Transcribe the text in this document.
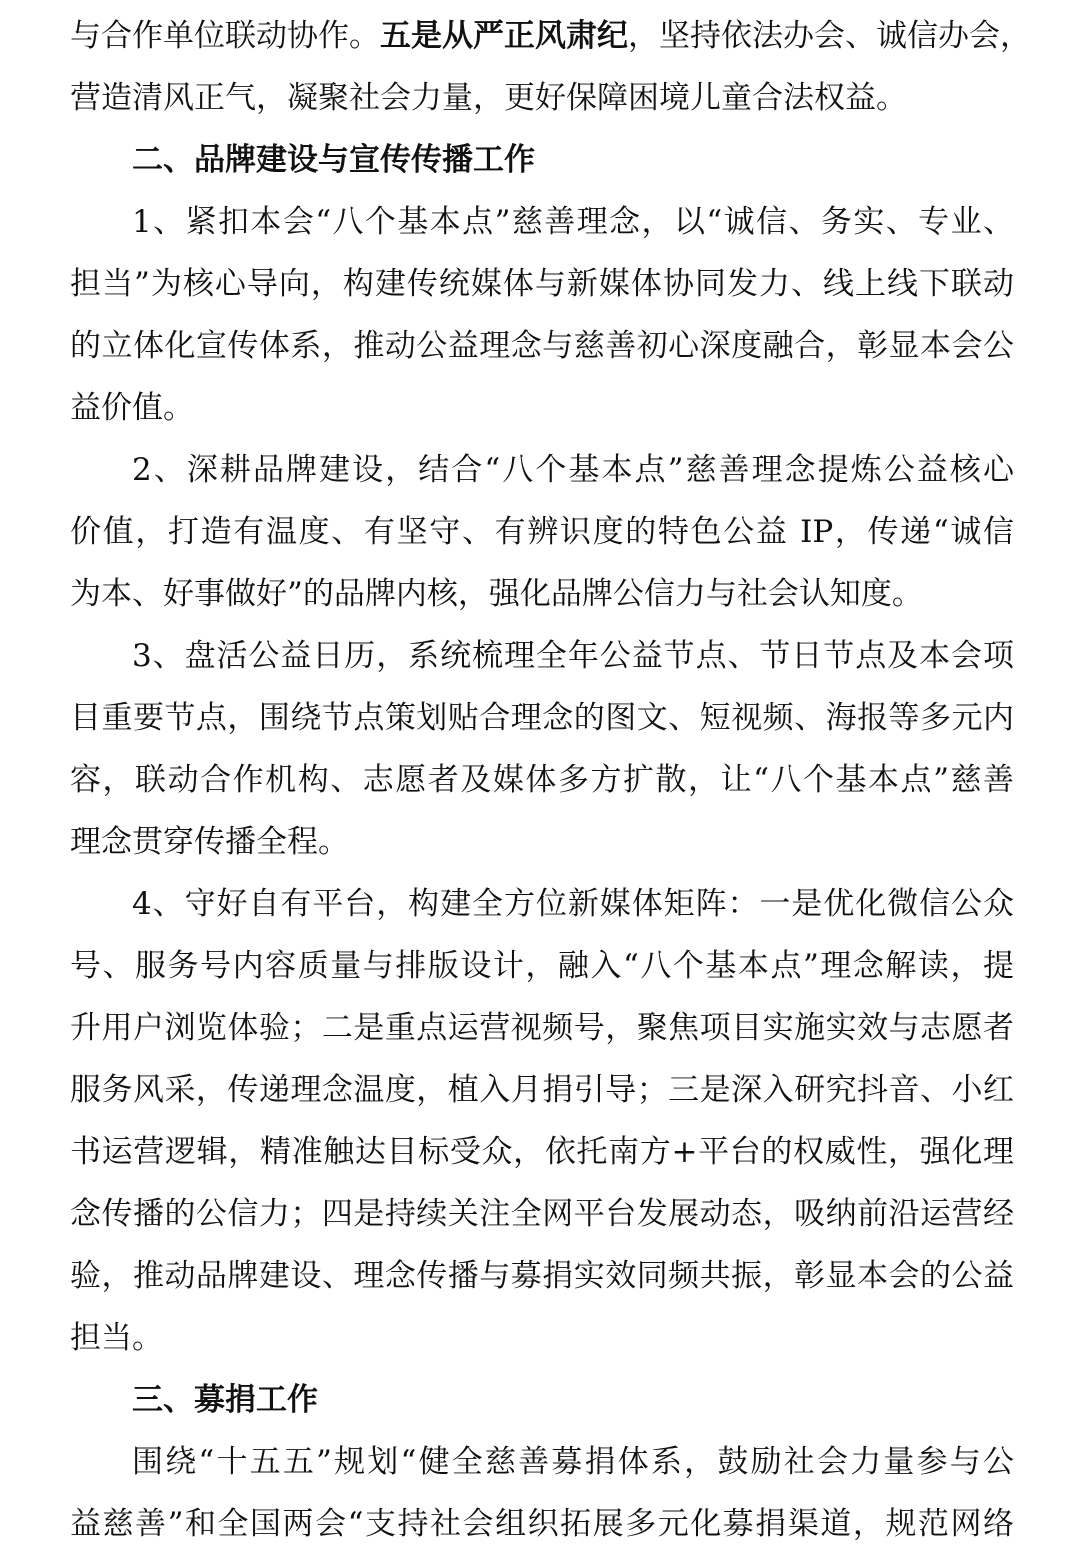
与合作单位联动协作。五是从严正风肃纪，坚持依法办会、诚信办会，
营造清风正气，凝聚社会力量，更好保障困境儿童合法权益。
二、品牌建设与宣传传播工作
1、紧扣本会“八个基本点”慈善理念，以“诚信、务实、专业、
担当”为核心导向，构建传统媒体与新媒体协同发力、线上线下联动
的立体化宣传体系，推动公益理念与慈善初心深度融合，彰显本会公
益价值。
2、深耕品牌建设，结合“八个基本点”慈善理念提炼公益核心
价值，打造有温度、有坚守、有辨识度的特色公益 IP，传递“诚信
为本、好事做好”的品牌内核，强化品牌公信力与社会认知度。
3、盘活公益日历，系统梳理全年公益节点、节日节点及本会项
目重要节点，围绕节点策划贴合理念的图文、短视频、海报等多元内
容，联动合作机构、志愿者及媒体多方扩散，让“八个基本点”慈善
理念贯穿传播全程。
4、守好自有平台，构建全方位新媒体矩阵：一是优化微信公众
号、服务号内容质量与排版设计，融入“八个基本点”理念解读，提
升用户浏览体验；二是重点运营视频号，聚焦项目实施实效与志愿者
服务风采，传递理念温度，植入月捐引导；三是深入研究抖音、小红
书运营逻辑，精准触达目标受众，依托南方+平台的权威性，强化理
念传播的公信力；四是持续关注全网平台发展动态，吸纳前沿运营经
验，推动品牌建设、理念传播与募捐实效同频共振，彰显本会的公益
担当。
三、募捐工作
围绕“十五五”规划“健全慈善募捐体系，鼓励社会力量参与公
益慈善”和全国两会“支持社会组织拓展多元化募捐渠道，规范网络
